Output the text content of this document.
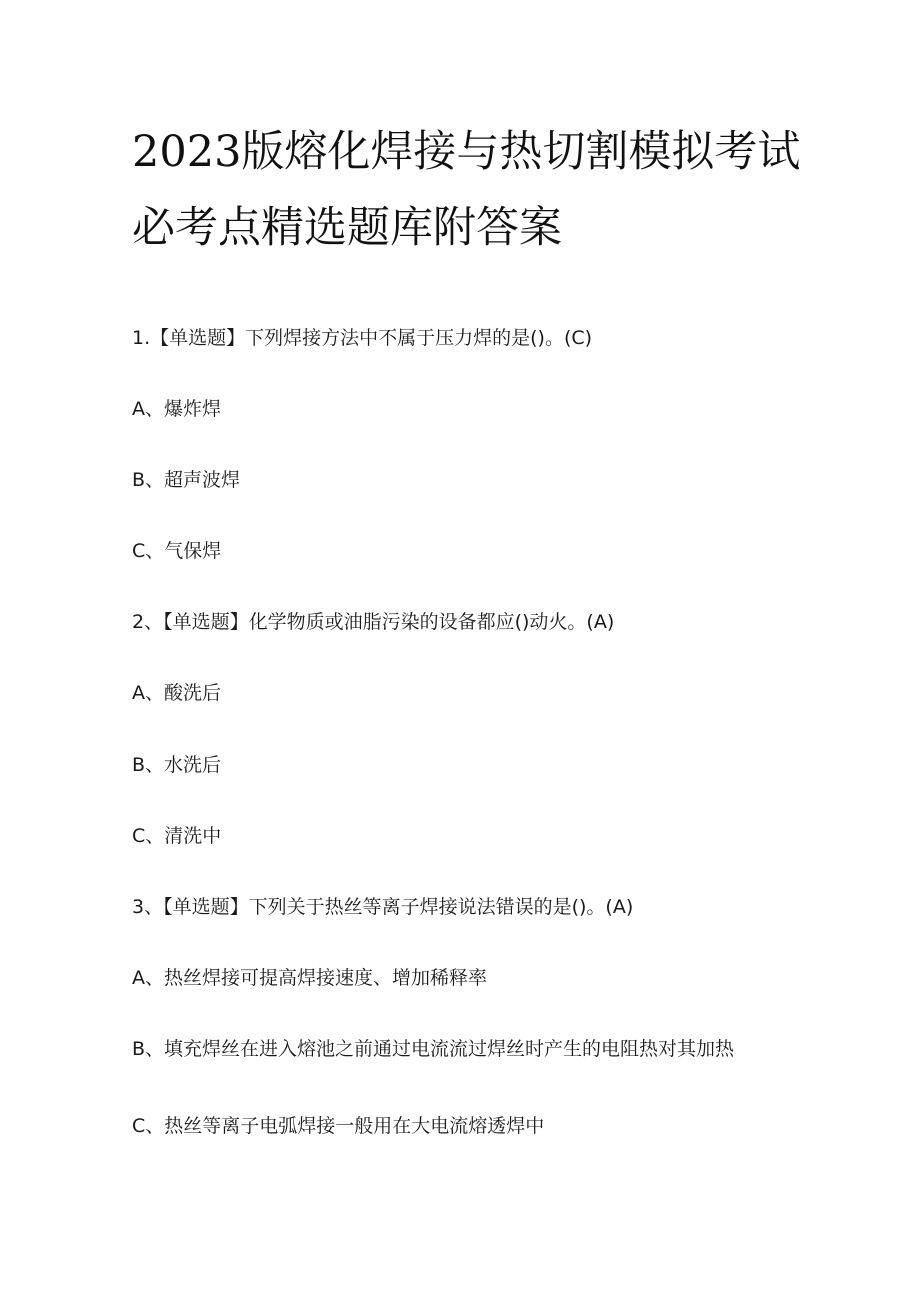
2023版熔化焊接与热切割模拟考试
必考点精选题库附答案
1.【单选题】下列焊接方法中不属于压力焊的是()。(C)
A、爆炸焊
B、超声波焊
C、气保焊
2、【单选题】化学物质或油脂污染的设备都应()动火。(A)
A、酸洗后
B、水洗后
C、清洗中
3、【单选题】下列关于热丝等离子焊接说法错误的是()。(A)
A、热丝焊接可提高焊接速度、增加稀释率
B、填充焊丝在进入熔池之前通过电流流过焊丝时产生的电阻热对其加热
C、热丝等离子电弧焊接一般用在大电流熔透焊中
